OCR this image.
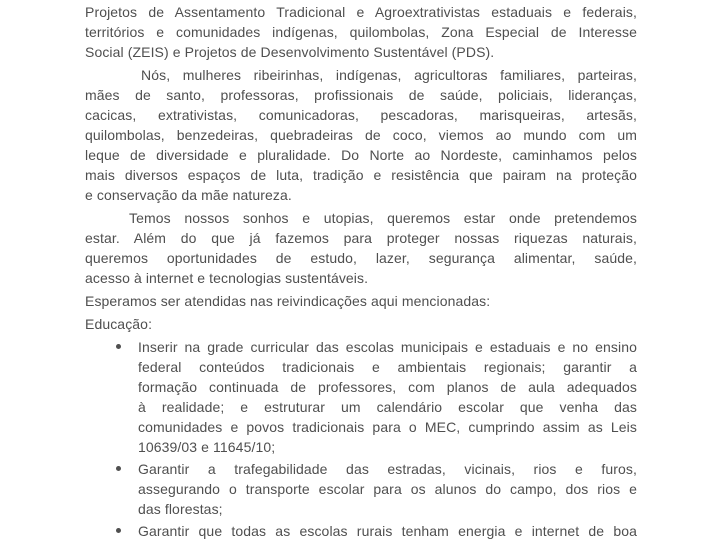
Projetos de Assentamento Tradicional e Agroextrativistas estaduais e federais,
territórios e comunidades indígenas, quilombolas, Zona Especial de Interesse
Social (ZEIS) e Projetos de Desenvolvimento Sustentável (PDS).
Nós, mulheres ribeirinhas, indígenas, agricultoras familiares, parteiras,
mães de santo, professoras, profissionais de saúde, policiais, lideranças,
cacicas, extrativistas, comunicadoras, pescadoras, marisqueiras, artesãs,
quilombolas, benzedeiras, quebradeiras de coco, viemos ao mundo com um
leque de diversidade e pluralidade. Do Norte ao Nordeste, caminhamos pelos
mais diversos espaços de luta, tradição e resistência que pairam na proteção
e conservação da mãe natureza.
Temos nossos sonhos e utopias, queremos estar onde pretendemos
estar. Além do que já fazemos para proteger nossas riquezas naturais,
queremos oportunidades de estudo, lazer, segurança alimentar, saúde,
acesso à internet e tecnologias sustentáveis.
Esperamos ser atendidas nas reivindicações aqui mencionadas:
Educação:
Inserir na grade curricular das escolas municipais e estaduais e no ensino
federal conteúdos tradicionais e ambientais regionais; garantir a
formação continuada de professores, com planos de aula adequados
à realidade; e estruturar um calendário escolar que venha das
comunidades e povos tradicionais para o MEC, cumprindo assim as Leis
10639/03 e 11645/10;
Garantir a trafegabilidade das estradas, vicinais, rios e furos,
assegurando o transporte escolar para os alunos do campo, dos rios e
das florestas;
Garantir que todas as escolas rurais tenham energia e internet de boa
